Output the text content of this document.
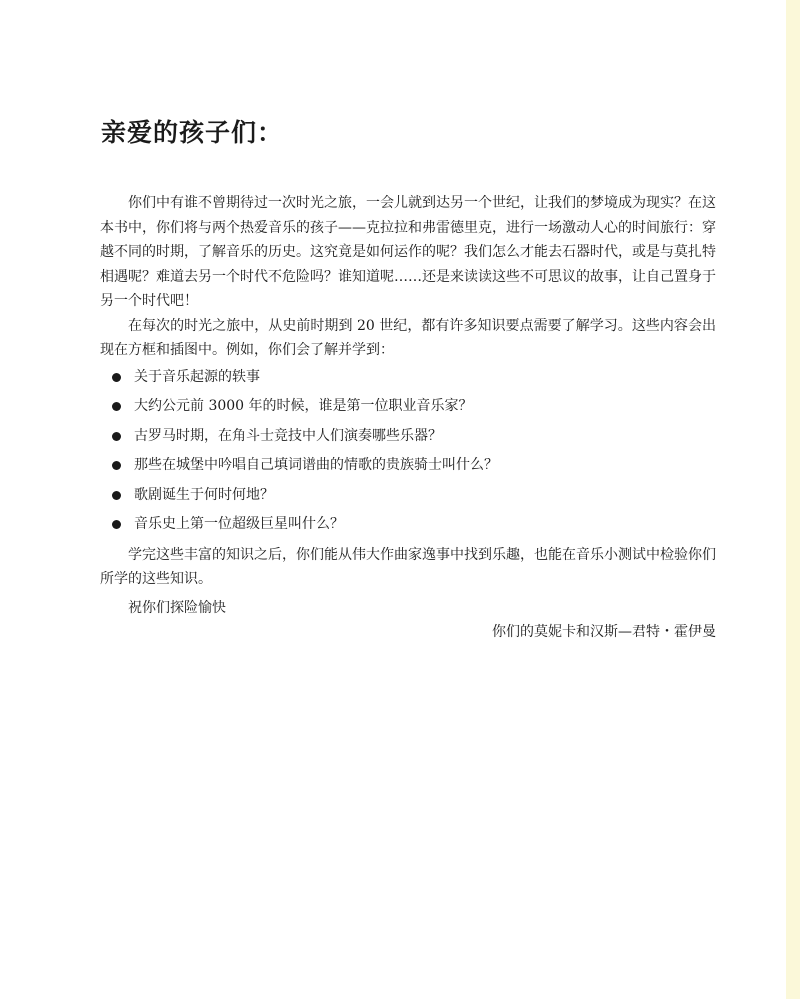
亲爱的孩子们：

你们中有谁不曾期待过一次时光之旅，一会儿就到达另一个世纪，让我们的梦境成为现实？在这本书中，你们将与两个热爱音乐的孩子——克拉拉和弗雷德里克，进行一场激动人心的时间旅行：穿越不同的时期，了解音乐的历史。这究竟是如何运作的呢？我们怎么才能去石器时代，或是与莫扎特相遇呢？难道去另一个时代不危险吗？谁知道呢……还是来读读这些不可思议的故事，让自己置身于另一个时代吧！

在每次的时光之旅中，从史前时期到 20 世纪，都有许多知识要点需要了解学习。这些内容会出现在方框和插图中。例如，你们会了解并学到：

关于音乐起源的轶事
大约公元前 3000 年的时候，谁是第一位职业音乐家？
古罗马时期，在角斗士竞技中人们演奏哪些乐器？
那些在城堡中吟唱自己填词谱曲的情歌的贵族骑士叫什么？
歌剧诞生于何时何地？
音乐史上第一位超级巨星叫什么？

学完这些丰富的知识之后，你们能从伟大作曲家逸事中找到乐趣，也能在音乐小测试中检验你们所学的这些知识。

祝你们探险愉快

你们的莫妮卡和汉斯—君特・霍伊曼
